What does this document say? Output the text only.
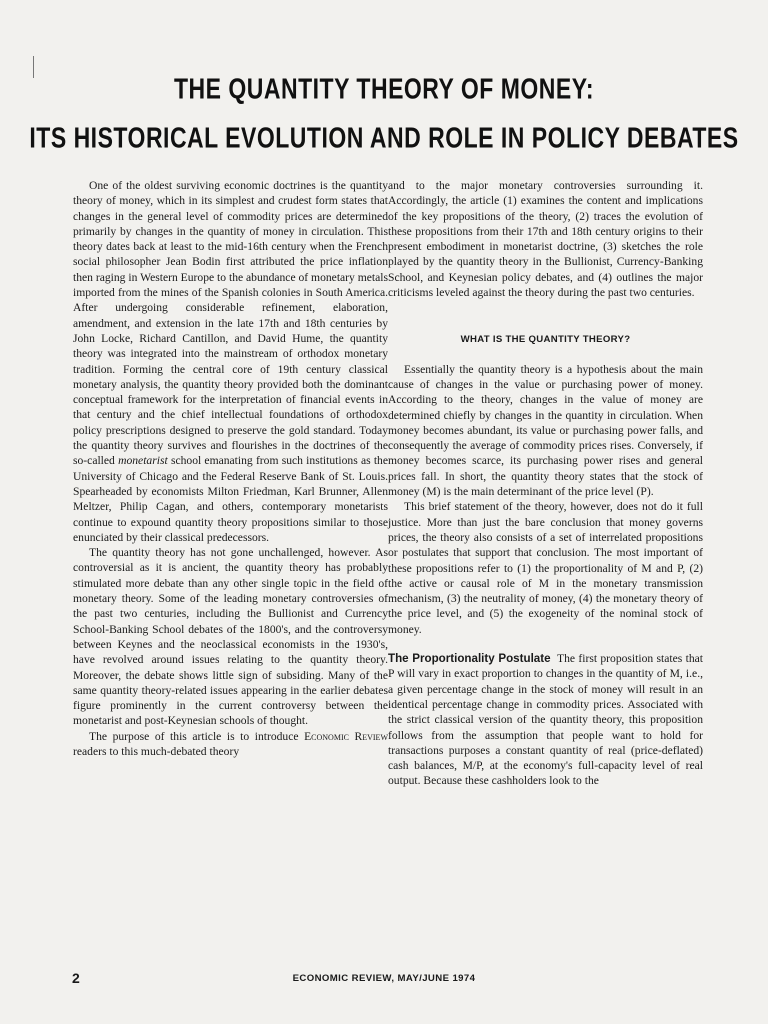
THE QUANTITY THEORY OF MONEY:
ITS HISTORICAL EVOLUTION AND ROLE IN POLICY DEBATES

One of the oldest surviving economic doctrines is the quantity theory of money, which in its simplest and crudest form states that changes in the general level of commodity prices are determined primarily by changes in the quantity of money in circulation. This theory dates back at least to the mid-16th century when the French social philosopher Jean Bodin first attributed the price inflation then raging in Western Europe to the abundance of monetary metals imported from the mines of the Spanish colonies in South America. After undergoing considerable refinement, elaboration, amendment, and extension in the late 17th and 18th centuries by John Locke, Richard Cantillon, and David Hume, the quantity theory was integrated into the mainstream of orthodox monetary tradition. Forming the central core of 19th century classical monetary analysis, the quantity theory provided both the dominant conceptual framework for the interpretation of financial events in that century and the chief intellectual foundations of orthodox policy prescriptions designed to preserve the gold standard. Today the quantity theory survives and flourishes in the doctrines of the so-called monetarist school emanating from such institutions as the University of Chicago and the Federal Reserve Bank of St. Louis. Spearheaded by economists Milton Friedman, Karl Brunner, Allen Meltzer, Philip Cagan, and others, contemporary monetarists continue to expound quantity theory propositions similar to those enunciated by their classical predecessors.

The quantity theory has not gone unchallenged, however. As controversial as it is ancient, the quantity theory has probably stimulated more debate than any other single topic in the field of monetary theory. Some of the leading monetary controversies of the past two centuries, including the Bullionist and Currency School-Banking School debates of the 1800's, and the controversy between Keynes and the neoclassical economists in the 1930's, have revolved around issues relating to the quantity theory. Moreover, the debate shows little sign of subsiding. Many of the same quantity theory-related issues appearing in the earlier debates figure prominently in the current controversy between the monetarist and post-Keynesian schools of thought.

The purpose of this article is to introduce Economic Review readers to this much-debated theory

and to the major monetary controversies surrounding it. Accordingly, the article (1) examines the content and implications of the key propositions of the theory, (2) traces the evolution of these propositions from their 17th and 18th century origins to their present embodiment in monetarist doctrine, (3) sketches the role played by the quantity theory in the Bullionist, Currency-Banking School, and Keynesian policy debates, and (4) outlines the major criticisms leveled against the theory during the past two centuries.

WHAT IS THE QUANTITY THEORY?

Essentially the quantity theory is a hypothesis about the main cause of changes in the value or purchasing power of money. According to the theory, changes in the value of money are determined chiefly by changes in the quantity in circulation. When money becomes abundant, its value or purchasing power falls, and consequently the average of commodity prices rises. Conversely, if money becomes scarce, its purchasing power rises and general prices fall. In short, the quantity theory states that the stock of money (M) is the main determinant of the price level (P).

This brief statement of the theory, however, does not do it full justice. More than just the bare conclusion that money governs prices, the theory also consists of a set of interrelated propositions or postulates that support that conclusion. The most important of these propositions refer to (1) the proportionality of M and P, (2) the active or causal role of M in the monetary transmission mechanism, (3) the neutrality of money, (4) the monetary theory of the price level, and (5) the exogeneity of the nominal stock of money.

The Proportionality Postulate The first proposition states that P will vary in exact proportion to changes in the quantity of M, i.e., a given percentage change in the stock of money will result in an identical percentage change in commodity prices. Associated with the strict classical version of the quantity theory, this proposition follows from the assumption that people want to hold for transactions purposes a constant quantity of real (price-deflated) cash balances, M/P, at the economy's full-capacity level of real output. Because these cashholders look to the

2	ECONOMIC REVIEW, MAY/JUNE 1974
